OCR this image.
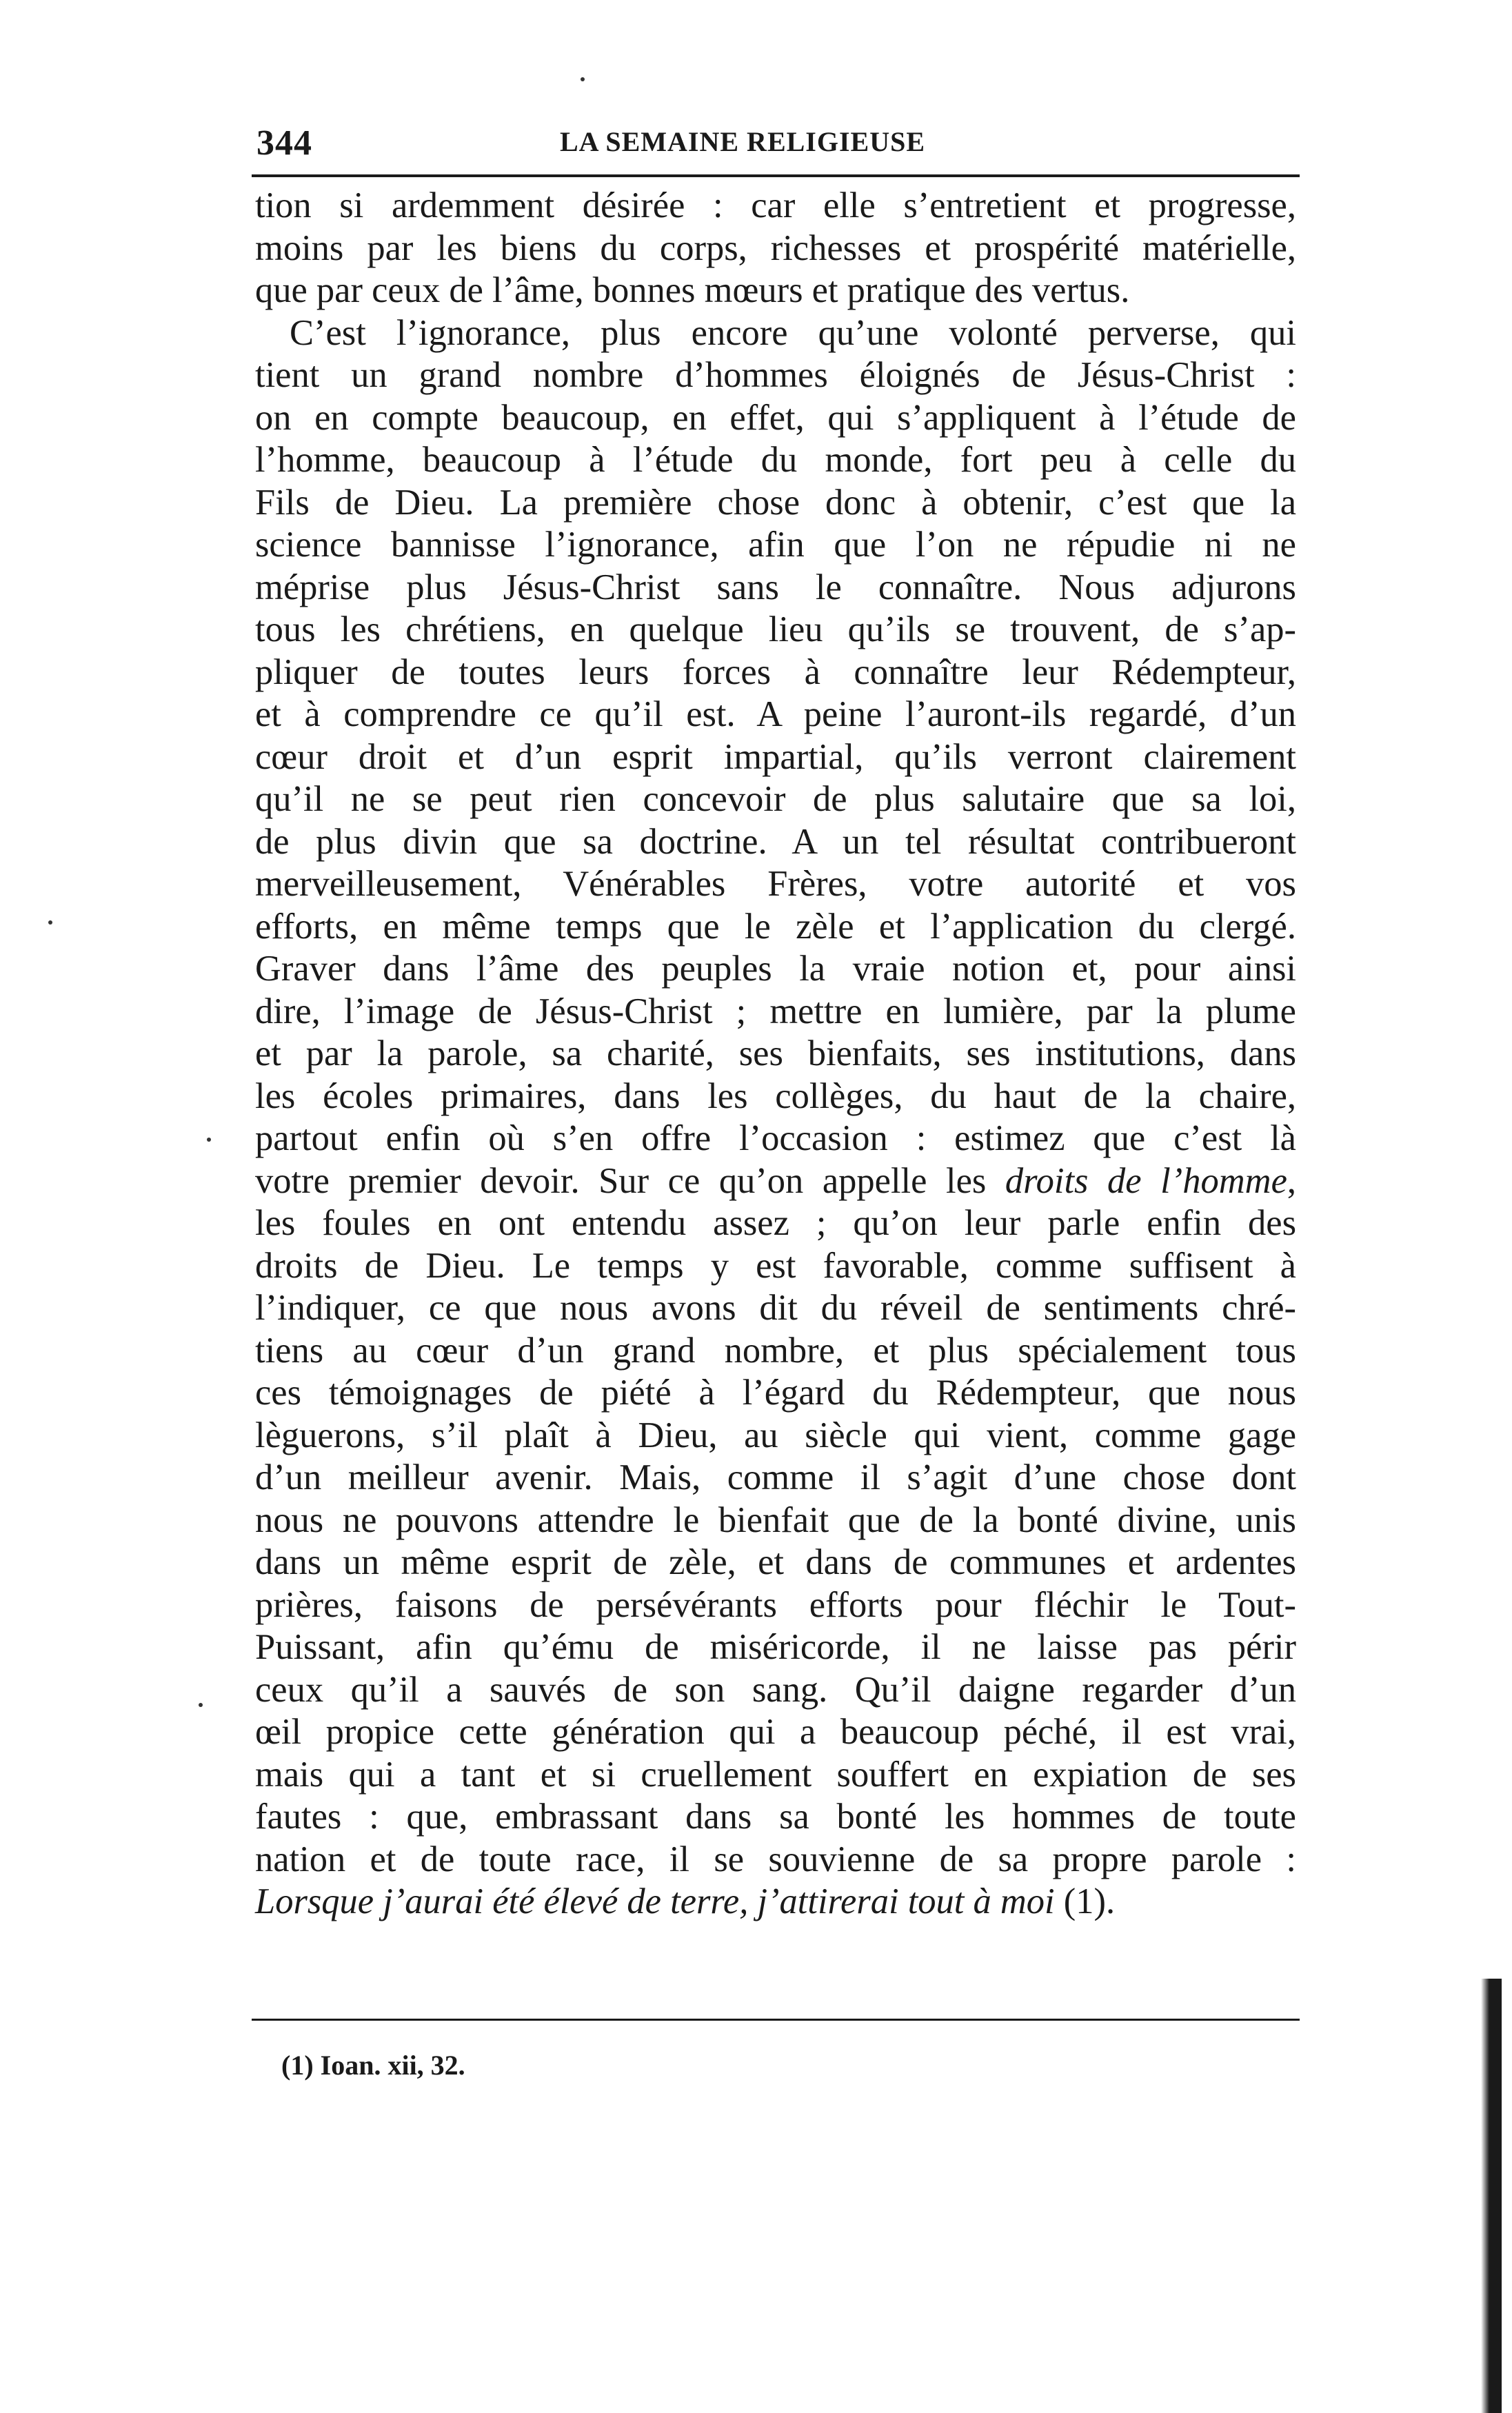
344	LA SEMAINE RELIGIEUSE
tion si ardemment désirée : car elle s’entretient et progresse,
moins par les biens du corps, richesses et prospérité matérielle,
que par ceux de l’âme, bonnes mœurs et pratique des vertus.
C’est l’ignorance, plus encore qu’une volonté perverse, qui
tient un grand nombre d’hommes éloignés de Jésus-Christ :
on en compte beaucoup, en effet, qui s’appliquent à l’étude de
l’homme, beaucoup à l’étude du monde, fort peu à celle du
Fils de Dieu. La première chose donc à obtenir, c’est que la
science bannisse l’ignorance, afin que l’on ne répudie ni ne
méprise plus Jésus-Christ sans le connaître. Nous adjurons
tous les chrétiens, en quelque lieu qu’ils se trouvent, de s’ap-
pliquer de toutes leurs forces à connaître leur Rédempteur,
et à comprendre ce qu’il est. A peine l’auront-ils regardé, d’un
cœur droit et d’un esprit impartial, qu’ils verront clairement
qu’il ne se peut rien concevoir de plus salutaire que sa loi,
de plus divin que sa doctrine. A un tel résultat contribueront
merveilleusement, Vénérables Frères, votre autorité et vos
efforts, en même temps que le zèle et l’application du clergé.
Graver dans l’âme des peuples la vraie notion et, pour ainsi
dire, l’image de Jésus-Christ ; mettre en lumière, par la plume
et par la parole, sa charité, ses bienfaits, ses institutions, dans
les écoles primaires, dans les collèges, du haut de la chaire,
partout enfin où s’en offre l’occasion : estimez que c’est là
votre premier devoir. Sur ce qu’on appelle les droits de l’homme,
les foules en ont entendu assez ; qu’on leur parle enfin des
droits de Dieu. Le temps y est favorable, comme suffisent à
l’indiquer, ce que nous avons dit du réveil de sentiments chré-
tiens au cœur d’un grand nombre, et plus spécialement tous
ces témoignages de piété à l’égard du Rédempteur, que nous
lèguerons, s’il plaît à Dieu, au siècle qui vient, comme gage
d’un meilleur avenir. Mais, comme il s’agit d’une chose dont
nous ne pouvons attendre le bienfait que de la bonté divine, unis
dans un même esprit de zèle, et dans de communes et ardentes
prières, faisons de persévérants efforts pour fléchir le Tout-
Puissant, afin qu’ému de miséricorde, il ne laisse pas périr
ceux qu’il a sauvés de son sang. Qu’il daigne regarder d’un
œil propice cette génération qui a beaucoup péché, il est vrai,
mais qui a tant et si cruellement souffert en expiation de ses
fautes : que, embrassant dans sa bonté les hommes de toute
nation et de toute race, il se souvienne de sa propre parole :
Lorsque j’aurai été élevé de terre, j’attirerai tout à moi (1).
(1) Ioan. xii, 32.
